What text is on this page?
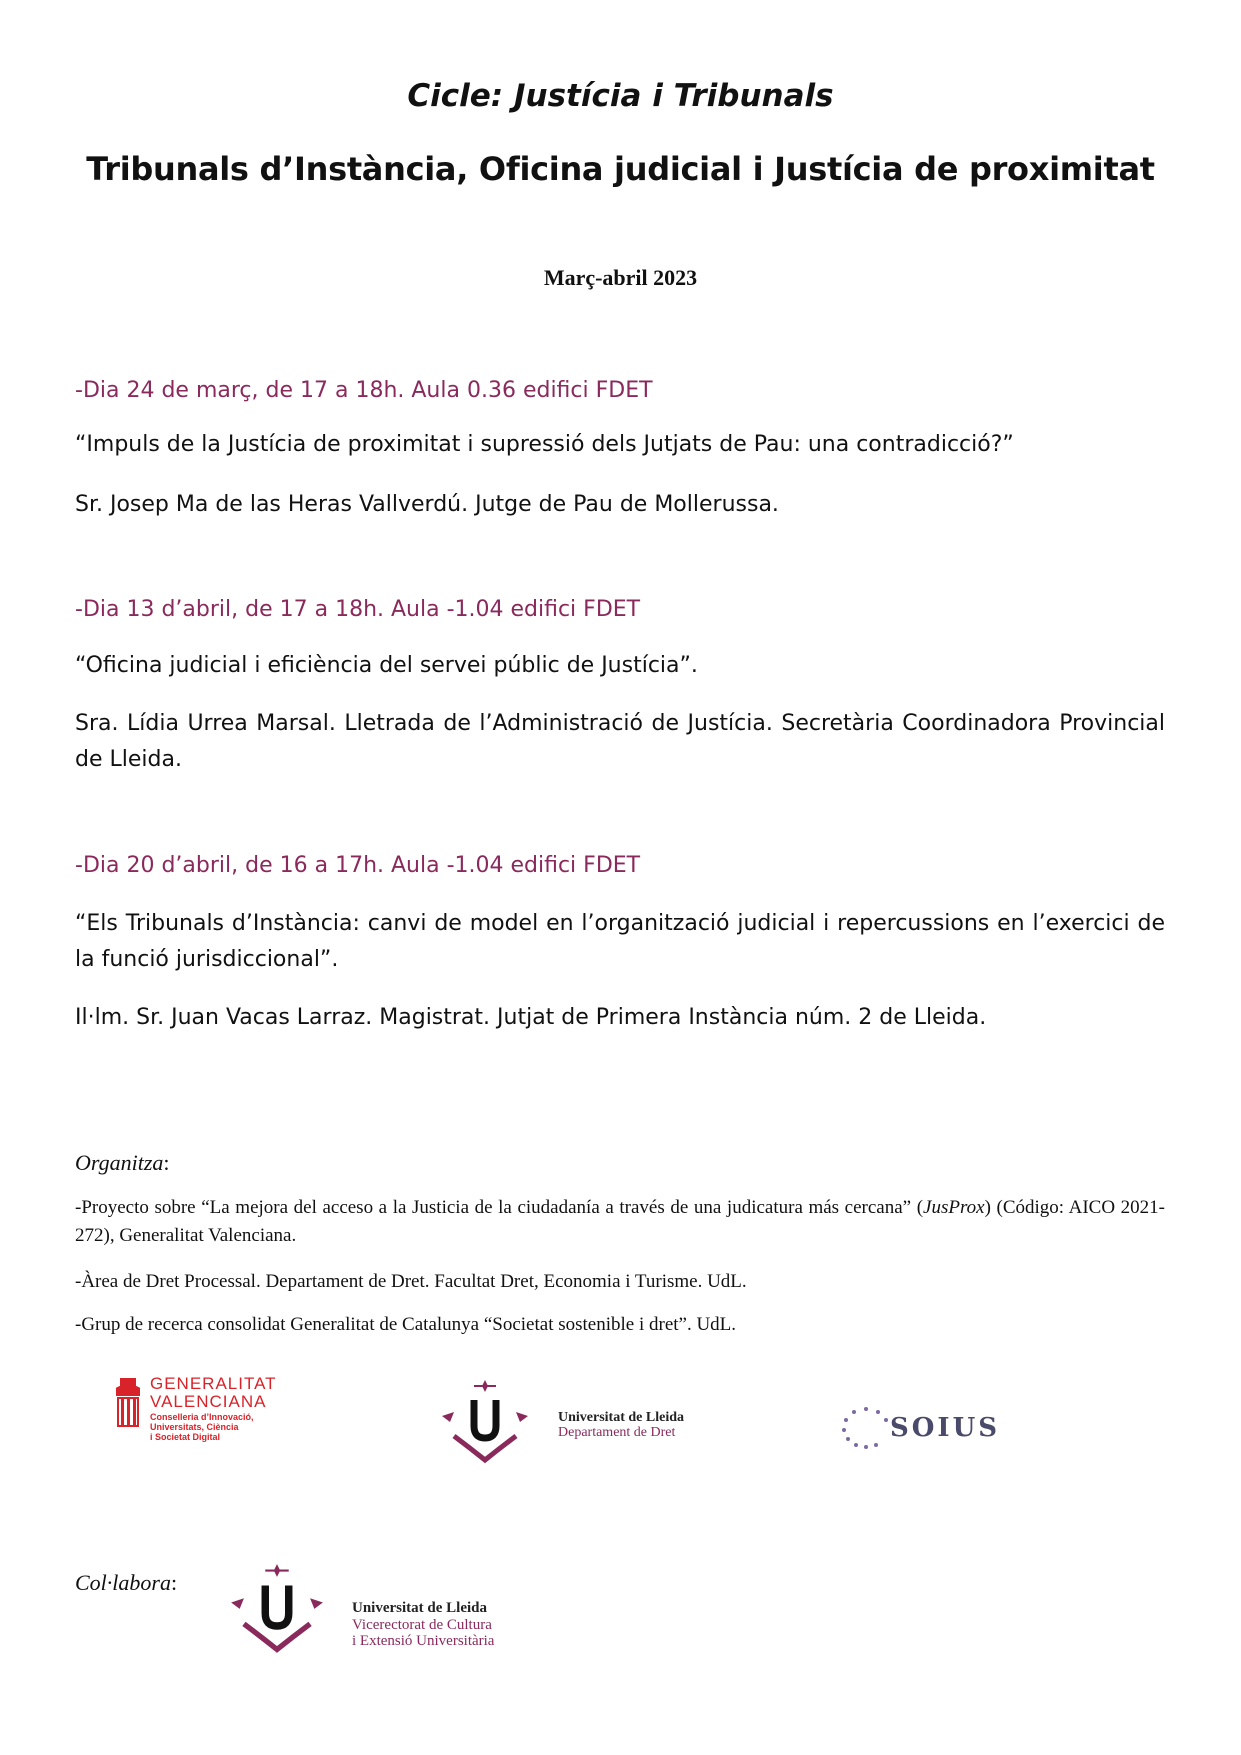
Cicle: Justícia i Tribunals
Tribunals d’Instància, Oficina judicial i Justícia de proximitat
Març-abril 2023
-Dia 24 de març, de 17 a 18h. Aula 0.36 edifici FDET
“Impuls de la Justícia de proximitat i supressió dels Jutjats de Pau: una contradicció?”
Sr. Josep Ma de las Heras Vallverdú. Jutge de Pau de Mollerussa.
-Dia 13 d’abril, de 17 a 18h. Aula -1.04 edifici FDET
“Oficina judicial i eficiència del servei públic de Justícia”.
Sra. Lídia Urrea Marsal. Lletrada de l’Administració de Justícia. Secretària Coordinadora Provincial de Lleida.
-Dia 20 d’abril, de 16 a 17h. Aula -1.04 edifici FDET
“Els Tribunals d’Instància: canvi de model en l’organització judicial i repercussions en l’exercici de la funció jurisdiccional”.
Il·lm. Sr. Juan Vacas Larraz. Magistrat. Jutjat de Primera Instància núm. 2 de Lleida.
Organitza:
-Proyecto sobre “La mejora del acceso a la Justicia de la ciudadanía a través de una judicatura más cercana” (JusProx) (Código: AICO 2021-272), Generalitat Valenciana.
-Àrea de Dret Processal. Departament de Dret. Facultat Dret, Economia i Turisme. UdL.
-Grup de recerca consolidat Generalitat de Catalunya “Societat sostenible i dret”. UdL.
GENERALITAT
VALENCIANA
Conselleria d’Innovació,
Universitats, Ciència
i Societat Digital
Universitat de Lleida
Departament de Dret	SOIUS
Col·labora:
Universitat de Lleida
Vicerectorat de Cultura
i Extensió Universitària
